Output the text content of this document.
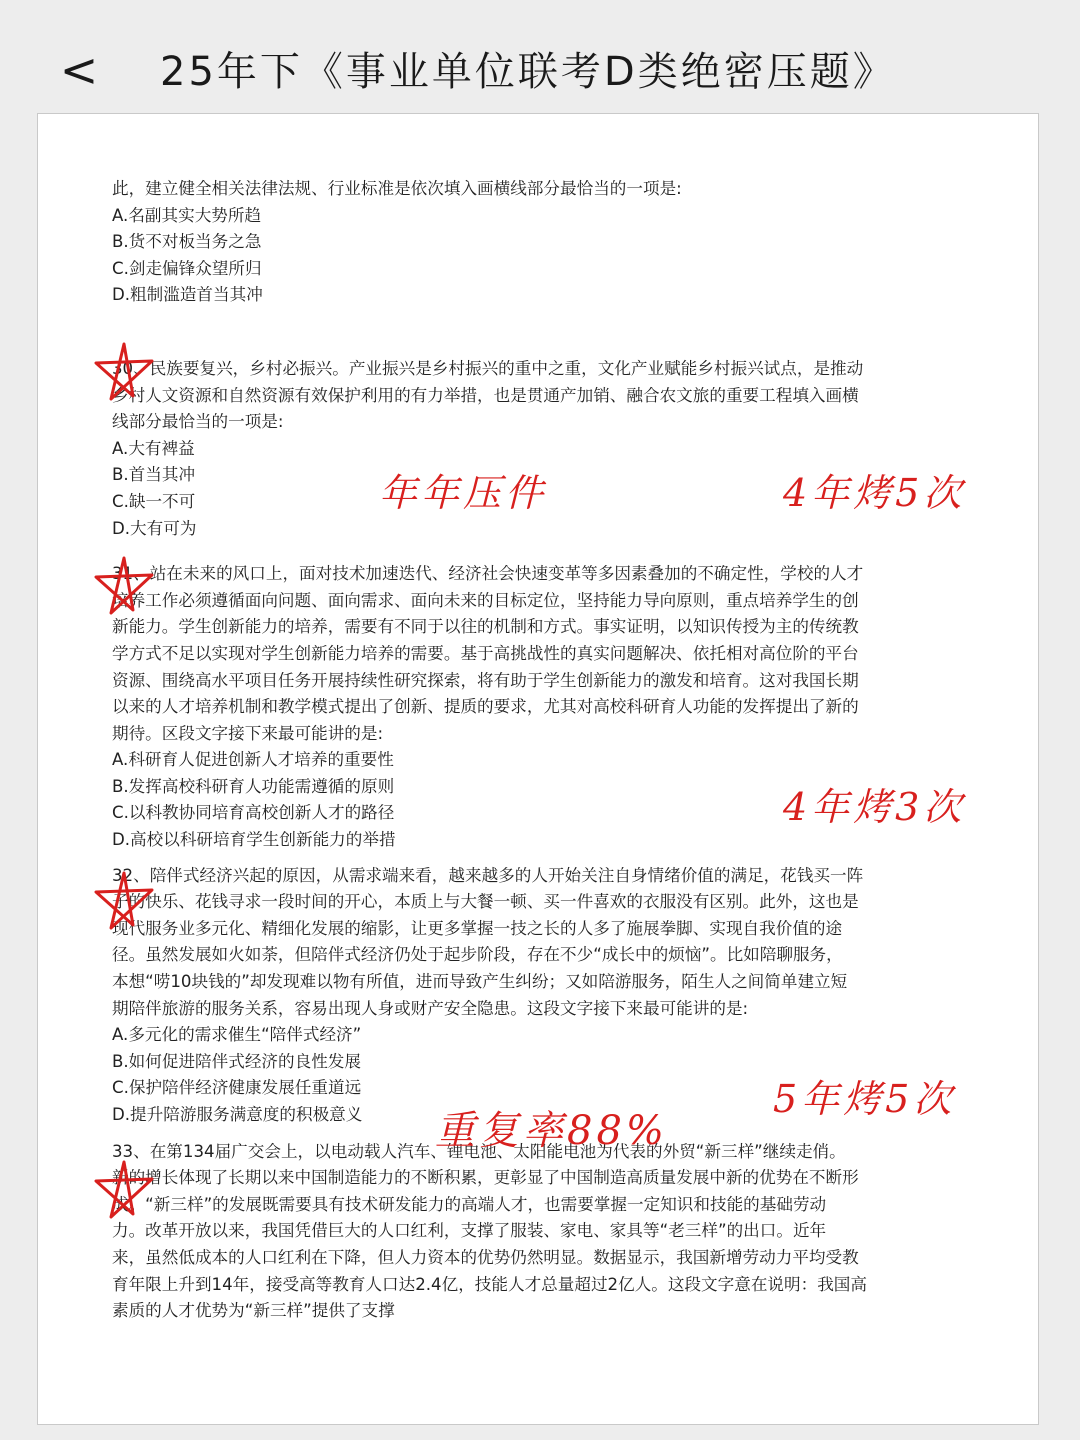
< 25年下《事业单位联考D类绝密压题》
此，建立健全相关法律法规、行业标准是依次填入画横线部分最恰当的一项是:
A.名副其实大势所趋
B.货不对板当务之急
C.剑走偏锋众望所归
D.粗制滥造首当其冲
30、民族要复兴，乡村必振兴。产业振兴是乡村振兴的重中之重，文化产业赋能乡村振兴试点，是推动
乡村人文资源和自然资源有效保护利用的有力举措，也是贯通产加销、融合农文旅的重要工程填入画横
线部分最恰当的一项是:
A.大有裨益
B.首当其冲
C.缺一不可
D.大有可为
31、站在未来的风口上，面对技术加速迭代、经济社会快速变革等多因素叠加的不确定性，学校的人才
培养工作必须遵循面向问题、面向需求、面向未来的目标定位，坚持能力导向原则，重点培养学生的创
新能力。学生创新能力的培养，需要有不同于以往的机制和方式。事实证明，以知识传授为主的传统教
学方式不足以实现对学生创新能力培养的需要。基于高挑战性的真实问题解决、依托相对高位阶的平台
资源、围绕高水平项目任务开展持续性研究探索，将有助于学生创新能力的激发和培育。这对我国长期
以来的人才培养机制和教学模式提出了创新、提质的要求，尤其对高校科研育人功能的发挥提出了新的
期待。区段文字接下来最可能讲的是:
A.科研育人促进创新人才培养的重要性
B.发挥高校科研育人功能需遵循的原则
C.以科教协同培育高校创新人才的路径
D.高校以科研培育学生创新能力的举措
32、陪伴式经济兴起的原因，从需求端来看，越来越多的人开始关注自身情绪价值的满足，花钱买一阵
子的快乐、花钱寻求一段时间的开心，本质上与大餐一顿、买一件喜欢的衣服没有区别。此外，这也是
现代服务业多元化、精细化发展的缩影，让更多掌握一技之长的人多了施展拳脚、实现自我价值的途
径。虽然发展如火如荼，但陪伴式经济仍处于起步阶段，存在不少“成长中的烦恼”。比如陪聊服务，
本想“唠10块钱的”却发现难以物有所值，进而导致产生纠纷；又如陪游服务，陌生人之间简单建立短
期陪伴旅游的服务关系，容易出现人身或财产安全隐患。这段文字接下来最可能讲的是:
A.多元化的需求催生“陪伴式经济”
B.如何促进陪伴式经济的良性发展
C.保护陪伴经济健康发展任重道远
D.提升陪游服务满意度的积极意义
33、在第134届广交会上，以电动载人汽车、锂电池、太阳能电池为代表的外贸“新三样”继续走俏。
新的增长体现了长期以来中国制造能力的不断积累，更彰显了中国制造高质量发展中新的优势在不断形
成。“新三样”的发展既需要具有技术研发能力的高端人才，也需要掌握一定知识和技能的基础劳动
力。改革开放以来，我国凭借巨大的人口红利，支撑了服装、家电、家具等“老三样”的出口。近年
来，虽然低成本的人口红利在下降，但人力资本的优势仍然明显。数据显示，我国新增劳动力平均受教
育年限上升到14年，接受高等教育人口达2.4亿，技能人才总量超过2亿人。这段文字意在说明：我国高
素质的人才优势为“新三样”提供了支撑
年年压件	4年烤5次
4年烤3次
5年烤5次
重复率88%
